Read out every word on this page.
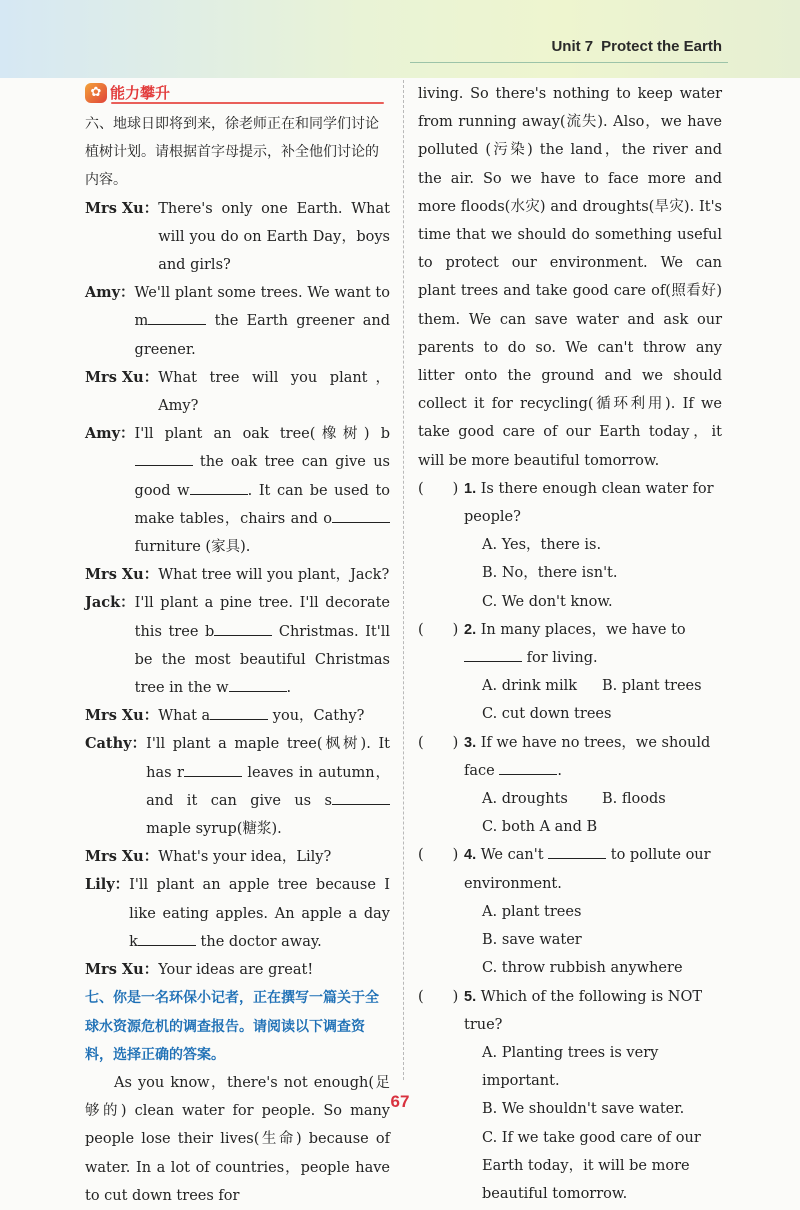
Unit 7 Protect the Earth
✿ 能力攀升
六、地球日即将到来，徐老师正在和同学们讨论植树计划。请根据首字母提示，补全他们讨论的内容。
Mrs Xu： There's only one Earth. What will you do on Earth Day，boys and girls?
Amy： We'll plant some trees. We want to m	the Earth greener and greener.
Mrs Xu： What tree will you plant，Amy?
Amy： I'll plant an oak tree(橡树) b the oak tree can give us good w	. It can be used to make tables，chairs and o furniture (家具).
Mrs Xu： What tree will you plant，Jack?
Jack： I'll plant a pine tree. I'll decorate this tree b	Christmas. It'll be the most beautiful Christmas tree in the w	.
Mrs Xu： What a	you，Cathy?
Cathy： I'll plant a maple tree(枫树). It has r	leaves in autumn，and it can give us s maple syrup(糖浆).
Mrs Xu： What's your idea，Lily?
Lily： I'll plant an apple tree because I like eating apples. An apple a day k	the doctor away.
Mrs Xu： Your ideas are great!
七、你是一名环保小记者，正在撰写一篇关于全球水资源危机的调查报告。请阅读以下调查资料，选择正确的答案。

As you know，there's not enough(足够的) clean water for people. So many people lose their lives(生命) because of water. In a lot of countries，people have to cut down trees for

living. So there's nothing to keep water from running away(流失). Also，we have polluted (污染) the land，the river and the air. So we have to face more and more floods(水灾) and droughts(旱灾). It's time that we should do something useful to protect our environment. We can plant trees and take good care of(照看好) them. We can save water and ask our parents to do so. We can't throw any litter onto the ground and we should collect it for recycling(循环利用). If we take good care of our Earth today，it will be more beautiful tomorrow.

(　　) 1. Is there enough clean water for people?
A. Yes，there is.
B. No，there isn't.
C. We don't know.
(　　) 2. In many places，we have to  for living.
A. drink milk B. plant trees
C. cut down trees
(　　) 3. If we have no trees，we should face	.
A. droughts B. floods
C. both A and B
(　　) 4. We can't	to pollute our environment.
A. plant trees
B. save water
C. throw rubbish anywhere
(　　) 5. Which of the following is NOT true?
A. Planting trees is very important.
B. We shouldn't save water.
C. If we take good care of our Earth today，it will be more beautiful tomorrow.
67
